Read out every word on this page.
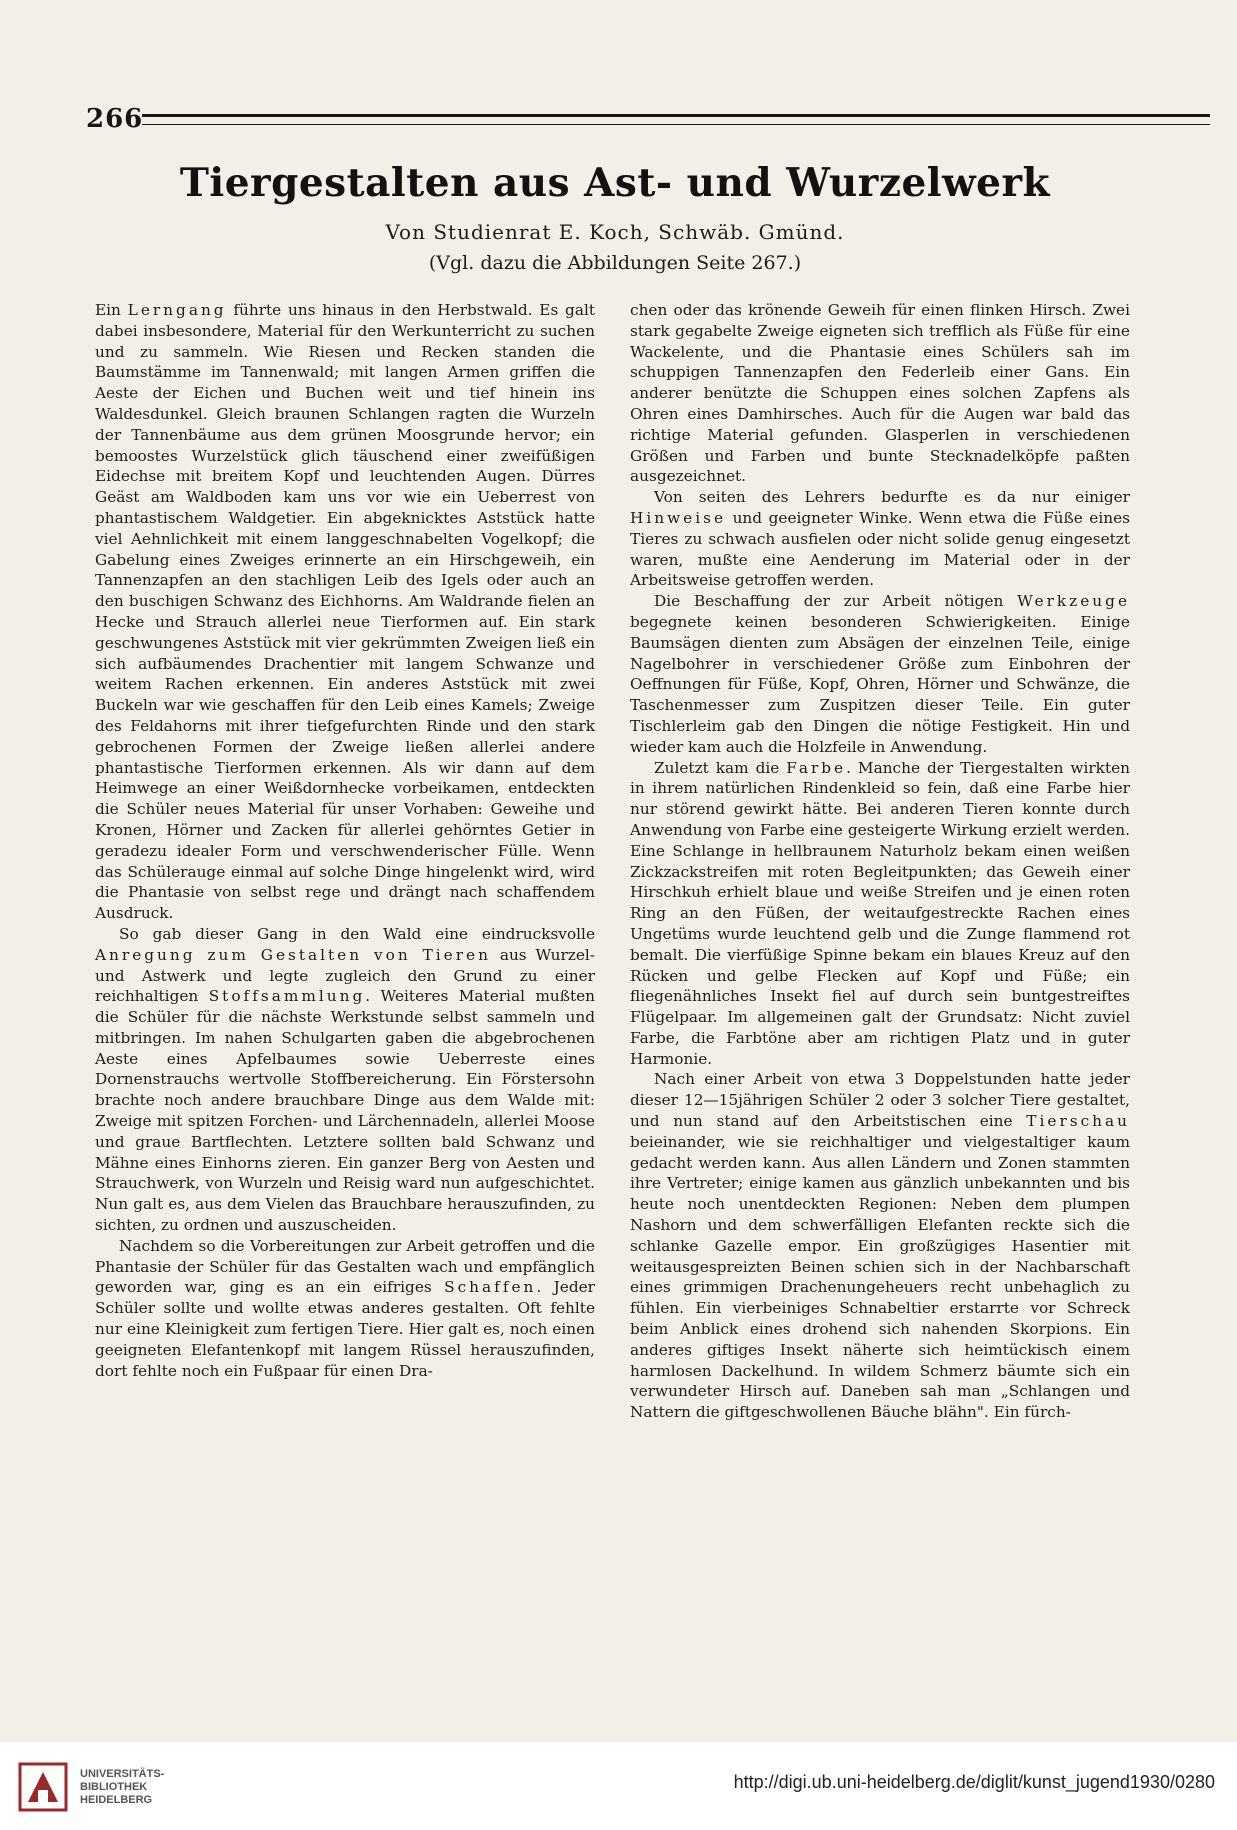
266
Tiergestalten aus Ast- und Wurzelwerk
Von Studienrat E. Koch, Schwäb. Gmünd.
(Vgl. dazu die Abbildungen Seite 267.)

Ein Lerngang führte uns hinaus in den Herbstwald. Es galt dabei insbesondere, Material für den Werkunterricht zu suchen und zu sammeln. Wie Riesen und Recken standen die Baumstämme im Tannenwald; mit langen Armen griffen die Aeste der Eichen und Buchen weit und tief hinein ins Waldesdunkel. Gleich braunen Schlangen ragten die Wurzeln der Tannenbäume aus dem grünen Moosgrunde hervor; ein bemoostes Wurzelstück glich täuschend einer zweifüßigen Eidechse mit breitem Kopf und leuchtenden Augen. Dürres Geäst am Waldboden kam uns vor wie ein Ueberrest von phantastischem Waldgetier. Ein abgeknicktes Aststück hatte viel Aehnlichkeit mit einem langgeschnabelten Vogelkopf; die Gabelung eines Zweiges erinnerte an ein Hirschgeweih, ein Tannenzapfen an den stachligen Leib des Igels oder auch an den buschigen Schwanz des Eichhorns. Am Waldrande fielen an Hecke und Strauch allerlei neue Tierformen auf. Ein stark geschwungenes Aststück mit vier gekrümmten Zweigen ließ ein sich aufbäumendes Drachentier mit langem Schwanze und weitem Rachen erkennen. Ein anderes Aststück mit zwei Buckeln war wie geschaffen für den Leib eines Kamels; Zweige des Feldahorns mit ihrer tiefgefurchten Rinde und den stark gebrochenen Formen der Zweige ließen allerlei andere phantastische Tierformen erkennen. Als wir dann auf dem Heimwege an einer Weißdornhecke vorbeikamen, entdeckten die Schüler neues Material für unser Vorhaben: Geweihe und Kronen, Hörner und Zacken für allerlei gehörntes Getier in geradezu idealer Form und verschwenderischer Fülle. Wenn das Schülerauge einmal auf solche Dinge hingelenkt wird, wird die Phantasie von selbst rege und drängt nach schaffendem Ausdruck.

So gab dieser Gang in den Wald eine eindrucksvolle Anregung zum Gestalten von Tieren aus Wurzel- und Astwerk und legte zugleich den Grund zu einer reichhaltigen Stoffsammlung. Weiteres Material mußten die Schüler für die nächste Werkstunde selbst sammeln und mitbringen. Im nahen Schulgarten gaben die abgebrochenen Aeste eines Apfelbaumes sowie Ueberreste eines Dornenstrauchs wertvolle Stoffbereicherung. Ein Förstersohn brachte noch andere brauchbare Dinge aus dem Walde mit: Zweige mit spitzen Forchen- und Lärchennadeln, allerlei Moose und graue Bartflechten. Letztere sollten bald Schwanz und Mähne eines Einhorns zieren. Ein ganzer Berg von Aesten und Strauchwerk, von Wurzeln und Reisig ward nun aufgeschichtet. Nun galt es, aus dem Vielen das Brauchbare herauszufinden, zu sichten, zu ordnen und auszuscheiden.

Nachdem so die Vorbereitungen zur Arbeit getroffen und die Phantasie der Schüler für das Gestalten wach und empfänglich geworden war, ging es an ein eifriges Schaffen. Jeder Schüler sollte und wollte etwas anderes gestalten. Oft fehlte nur eine Kleinigkeit zum fertigen Tiere. Hier galt es, noch einen geeigneten Elefantenkopf mit langem Rüssel herauszufinden, dort fehlte noch ein Fußpaar für einen Dra-

chen oder das krönende Geweih für einen flinken Hirsch. Zwei stark gegabelte Zweige eigneten sich trefflich als Füße für eine Wackelente, und die Phantasie eines Schülers sah im schuppigen Tannenzapfen den Federleib einer Gans. Ein anderer benützte die Schuppen eines solchen Zapfens als Ohren eines Damhirsches. Auch für die Augen war bald das richtige Material gefunden. Glasperlen in verschiedenen Größen und Farben und bunte Stecknadelköpfe paßten ausgezeichnet.

Von seiten des Lehrers bedurfte es da nur einiger Hinweise und geeigneter Winke. Wenn etwa die Füße eines Tieres zu schwach ausfielen oder nicht solide genug eingesetzt waren, mußte eine Aenderung im Material oder in der Arbeitsweise getroffen werden.

Die Beschaffung der zur Arbeit nötigen Werkzeuge begegnete keinen besonderen Schwierigkeiten. Einige Baumsägen dienten zum Absägen der einzelnen Teile, einige Nagelbohrer in verschiedener Größe zum Einbohren der Oeffnungen für Füße, Kopf, Ohren, Hörner und Schwänze, die Taschenmesser zum Zuspitzen dieser Teile. Ein guter Tischlerleim gab den Dingen die nötige Festigkeit. Hin und wieder kam auch die Holzfeile in Anwendung.

Zuletzt kam die Farbe. Manche der Tiergestalten wirkten in ihrem natürlichen Rindenkleid so fein, daß eine Farbe hier nur störend gewirkt hätte. Bei anderen Tieren konnte durch Anwendung von Farbe eine gesteigerte Wirkung erzielt werden. Eine Schlange in hellbraunem Naturholz bekam einen weißen Zickzackstreifen mit roten Begleitpunkten; das Geweih einer Hirschkuh erhielt blaue und weiße Streifen und je einen roten Ring an den Füßen, der weitaufgestreckte Rachen eines Ungetüms wurde leuchtend gelb und die Zunge flammend rot bemalt. Die vierfüßige Spinne bekam ein blaues Kreuz auf den Rücken und gelbe Flecken auf Kopf und Füße; ein fliegenähnliches Insekt fiel auf durch sein buntgestreiftes Flügelpaar. Im allgemeinen galt der Grundsatz: Nicht zuviel Farbe, die Farbtöne aber am richtigen Platz und in guter Harmonie.

Nach einer Arbeit von etwa 3 Doppelstunden hatte jeder dieser 12—15jährigen Schüler 2 oder 3 solcher Tiere gestaltet, und nun stand auf den Arbeitstischen eine Tierschau beieinander, wie sie reichhaltiger und vielgestaltiger kaum gedacht werden kann. Aus allen Ländern und Zonen stammten ihre Vertreter; einige kamen aus gänzlich unbekannten und bis heute noch unentdeckten Regionen: Neben dem plumpen Nashorn und dem schwerfälligen Elefanten reckte sich die schlanke Gazelle empor. Ein großzügiges Hasentier mit weitausgespreizten Beinen schien sich in der Nachbarschaft eines grimmigen Drachenungeheuers recht unbehaglich zu fühlen. Ein vierbeiniges Schnabeltier erstarrte vor Schreck beim Anblick eines drohend sich nahenden Skorpions. Ein anderes giftiges Insekt näherte sich heimtückisch einem harmlosen Dackelhund. In wildem Schmerz bäumte sich ein verwundeter Hirsch auf. Daneben sah man „Schlangen und Nattern die giftgeschwollenen Bäuche blähn". Ein fürch-

UNIVERSITÄTS-
BIBLIOTHEK
HEIDELBERG
http://digi.ub.uni-heidelberg.de/diglit/kunst_jugend1930/0280
